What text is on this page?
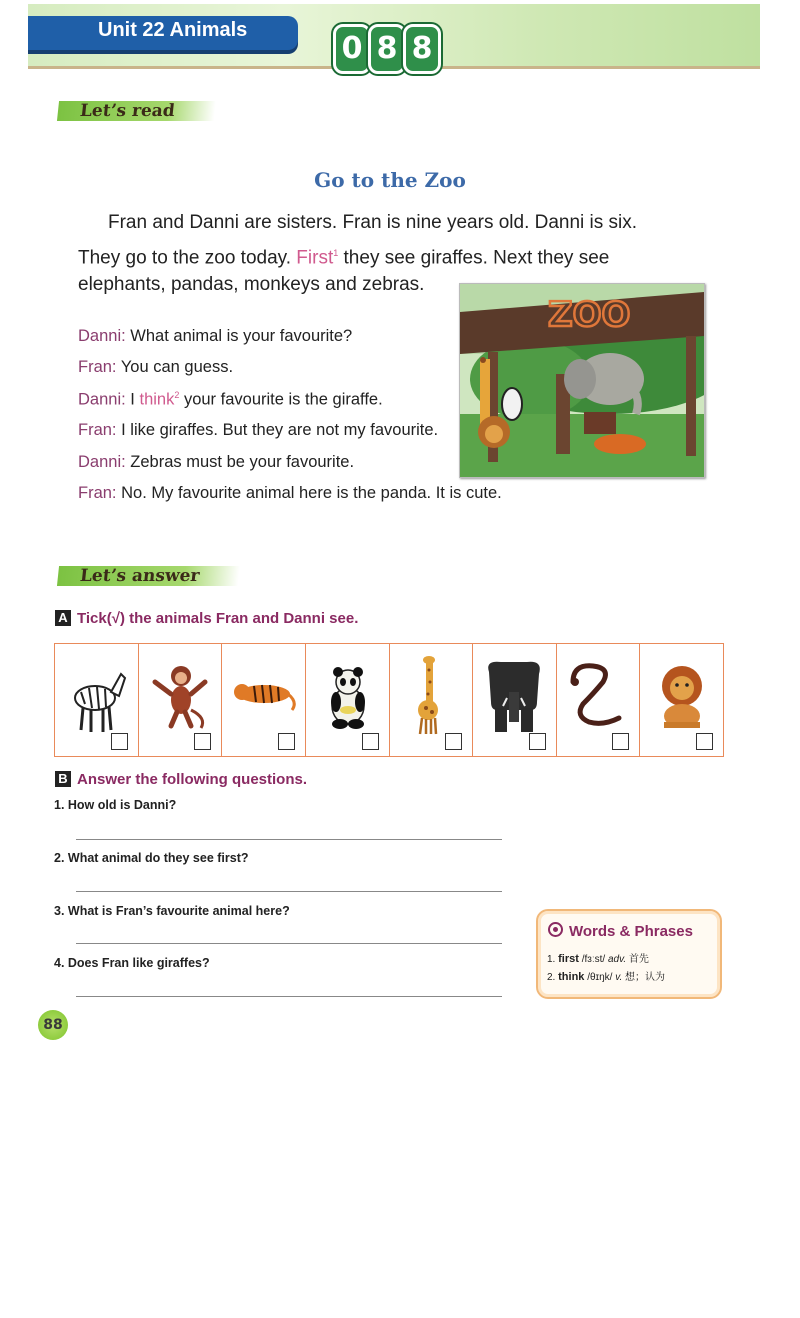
Unit 22 Animals
0 8 8
Let’s read
Go to the Zoo
Fran and Danni are sisters. Fran is nine years old. Danni is six.
They go to the zoo today. First$^1$ they see giraffes. Next they see
elephants, pandas, monkeys and zebras.
Danni: What animal is your favourite?
Fran: You can guess.
Danni: I think$^2$ your favourite is the giraffe.
Fran: I like giraffes. But they are not my favourite.
Danni: Zebras must be your favourite.
Fran: No. My favourite animal here is the panda. It is cute.
ZOO
Let’s answer
A Tick(√) the animals Fran and Danni see.
B Answer the following questions.
1. How old is Danni?
2. What animal do they see first?
3. What is Fran’s favourite animal here?
4. Does Fran like giraffes?
Words & Phrases
1. first /fɜːst/ adv. 首先
2. think /θɪŋk/ v. 想；认为
88
